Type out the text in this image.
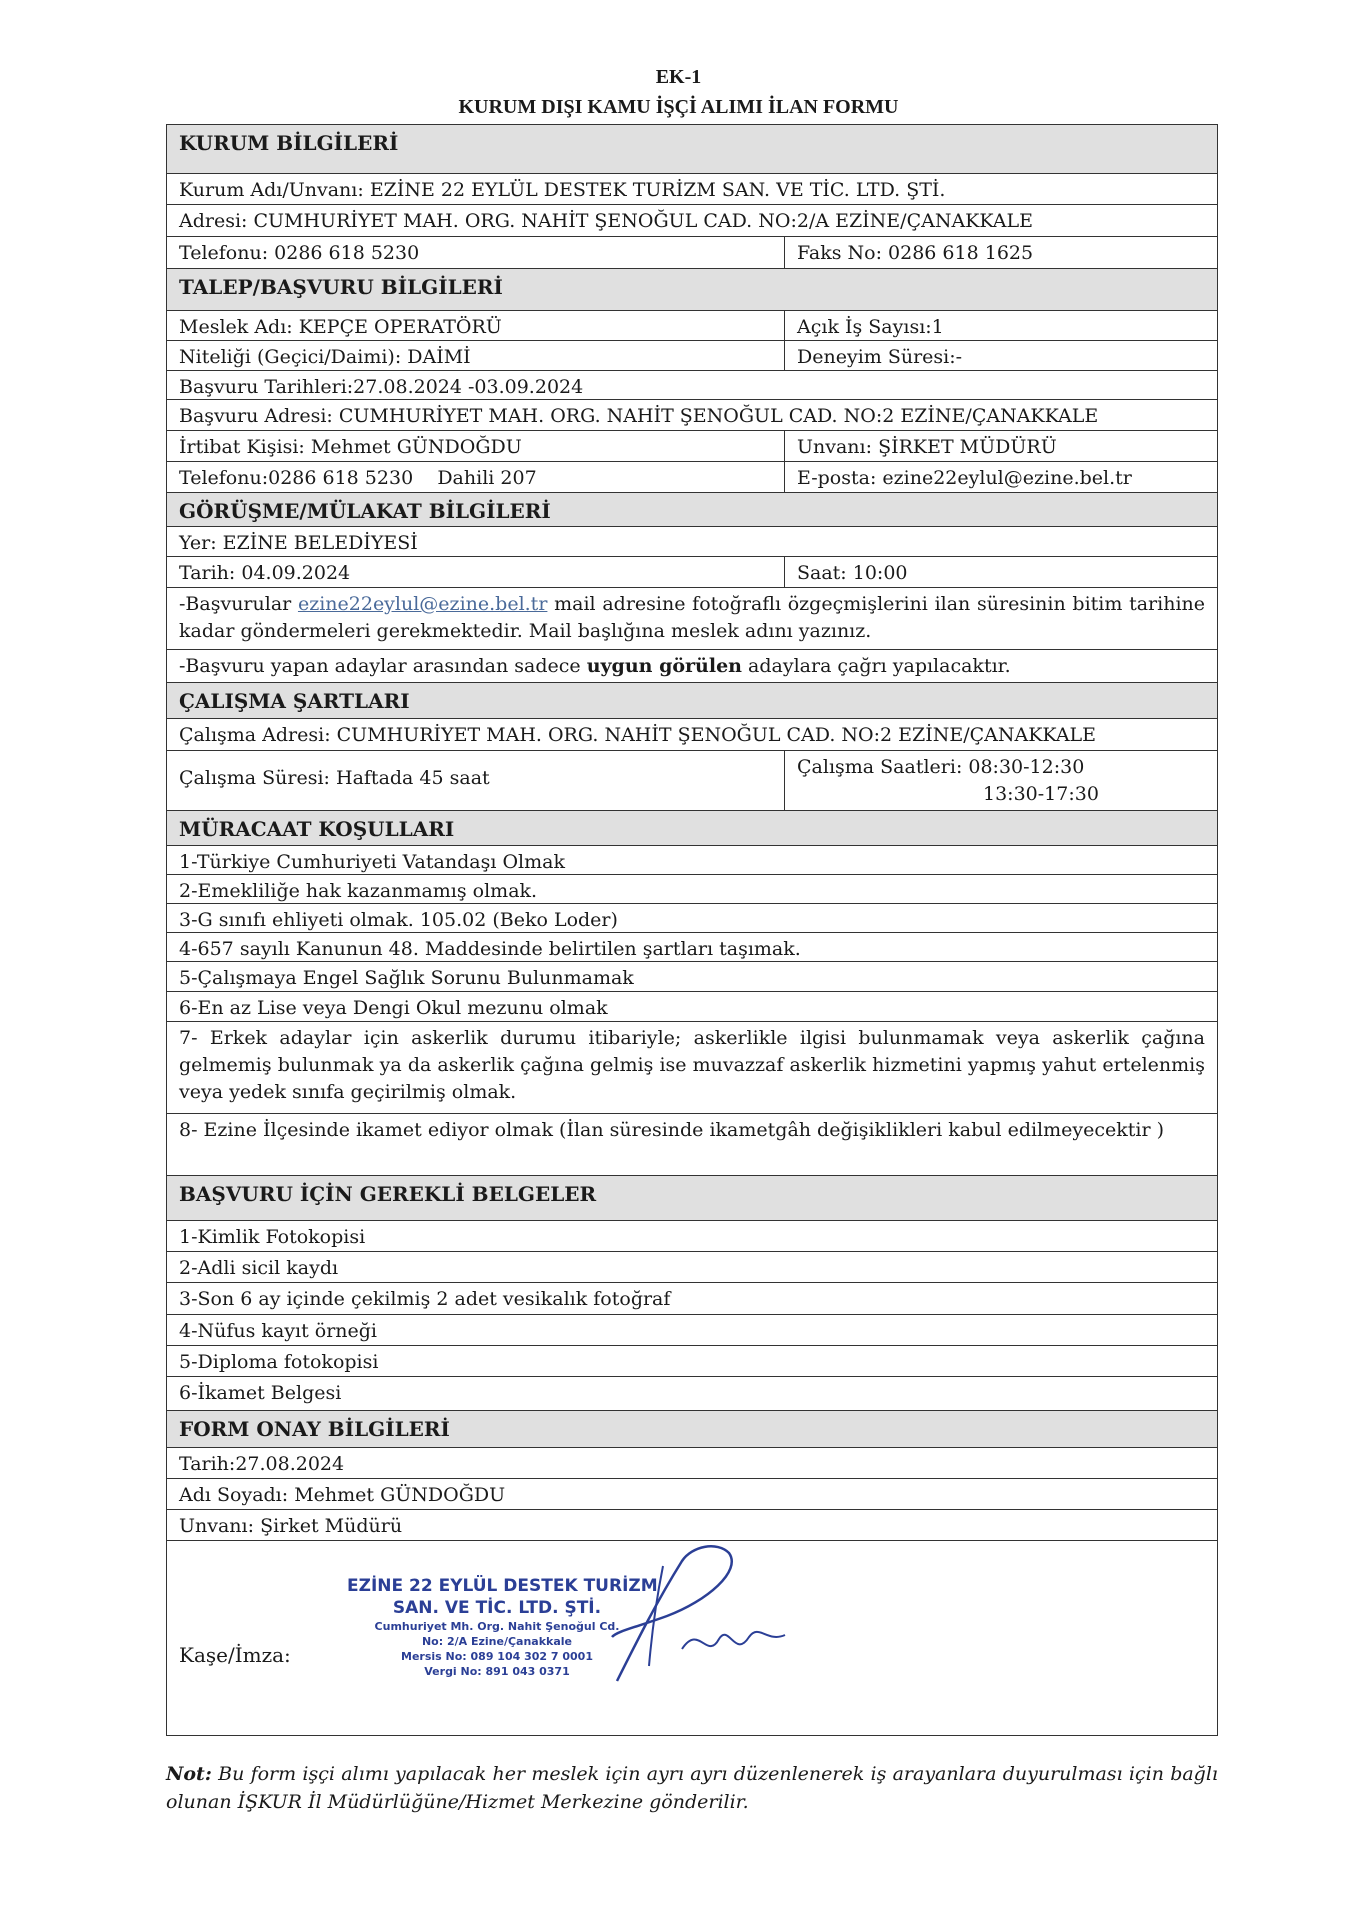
EK-1
KURUM DIŞI KAMU İŞÇİ ALIMI İLAN FORMU
KURUM BİLGİLERİ
Kurum Adı/Unvanı: EZİNE 22 EYLÜL DESTEK TURİZM SAN. VE TİC. LTD. ŞTİ.
Adresi: CUMHURİYET MAH. ORG. NAHİT ŞENOĞUL CAD. NO:2/A EZİNE/ÇANAKKALE
Telefonu: 0286 618 5230	Faks No: 0286 618 1625
TALEP/BAŞVURU BİLGİLERİ
Meslek Adı: KEPÇE OPERATÖRÜ	Açık İş Sayısı:1
Niteliği (Geçici/Daimi): DAİMİ	Deneyim Süresi:-
Başvuru Tarihleri:27.08.2024 -03.09.2024
Başvuru Adresi: CUMHURİYET MAH. ORG. NAHİT ŞENOĞUL CAD. NO:2 EZİNE/ÇANAKKALE
İrtibat Kişisi: Mehmet GÜNDOĞDU	Unvanı: ŞİRKET MÜDÜRÜ
Telefonu:0286 618 5230    Dahili 207	E-posta: ezine22eylul@ezine.bel.tr
GÖRÜŞME/MÜLAKAT BİLGİLERİ
Yer: EZİNE BELEDİYESİ
Tarih: 04.09.2024	Saat: 10:00
-Başvurular ezine22eylul@ezine.bel.tr mail adresine fotoğraflı özgeçmişlerini ilan süresinin bitim tarihine kadar göndermeleri gerekmektedir. Mail başlığına meslek adını yazınız.
-Başvuru yapan adaylar arasından sadece uygun görülen adaylara çağrı yapılacaktır.
ÇALIŞMA ŞARTLARI
Çalışma Adresi: CUMHURİYET MAH. ORG. NAHİT ŞENOĞUL CAD. NO:2 EZİNE/ÇANAKKALE
Çalışma Süresi: Haftada 45 saat	Çalışma Saatleri: 08:30-12:30
13:30-17:30
MÜRACAAT KOŞULLARI
1-Türkiye Cumhuriyeti Vatandaşı Olmak
2-Emekliliğe hak kazanmamış olmak.
3-G sınıfı ehliyeti olmak. 105.02 (Beko Loder)
4-657 sayılı Kanunun 48. Maddesinde belirtilen şartları taşımak.
5-Çalışmaya Engel Sağlık Sorunu Bulunmamak
6-En az Lise veya Dengi Okul mezunu olmak
7- Erkek adaylar için askerlik durumu itibariyle; askerlikle ilgisi bulunmamak veya askerlik çağına gelmemiş bulunmak ya da askerlik çağına gelmiş ise muvazzaf askerlik hizmetini yapmış yahut ertelenmiş veya yedek sınıfa geçirilmiş olmak.
8- Ezine İlçesinde ikamet ediyor olmak (İlan süresinde ikametgâh değişiklikleri kabul edilmeyecektir )
BAŞVURU İÇİN GEREKLİ BELGELER
1-Kimlik Fotokopisi
2-Adli sicil kaydı
3-Son 6 ay içinde çekilmiş 2 adet vesikalık fotoğraf
4-Nüfus kayıt örneği
5-Diploma fotokopisi
6-İkamet Belgesi
FORM ONAY BİLGİLERİ
Tarih:27.08.2024
Adı Soyadı: Mehmet GÜNDOĞDU
Unvanı: Şirket Müdürü
Kaşe/İmza:
EZİNE 22 EYLÜL DESTEK TURİZM
SAN. VE TİC. LTD. ŞTİ.
Cumhuriyet Mh. Org. Nahit Şenoğul Cd.
No: 2/A Ezine/Çanakkale
Mersis No: 089 104 302 7 0001
Vergi No: 891 043 0371
Not: Bu form işçi alımı yapılacak her meslek için ayrı ayrı düzenlenerek iş arayanlara duyurulması için bağlı olunan İŞKUR İl Müdürlüğüne/Hizmet Merkezine gönderilir.
